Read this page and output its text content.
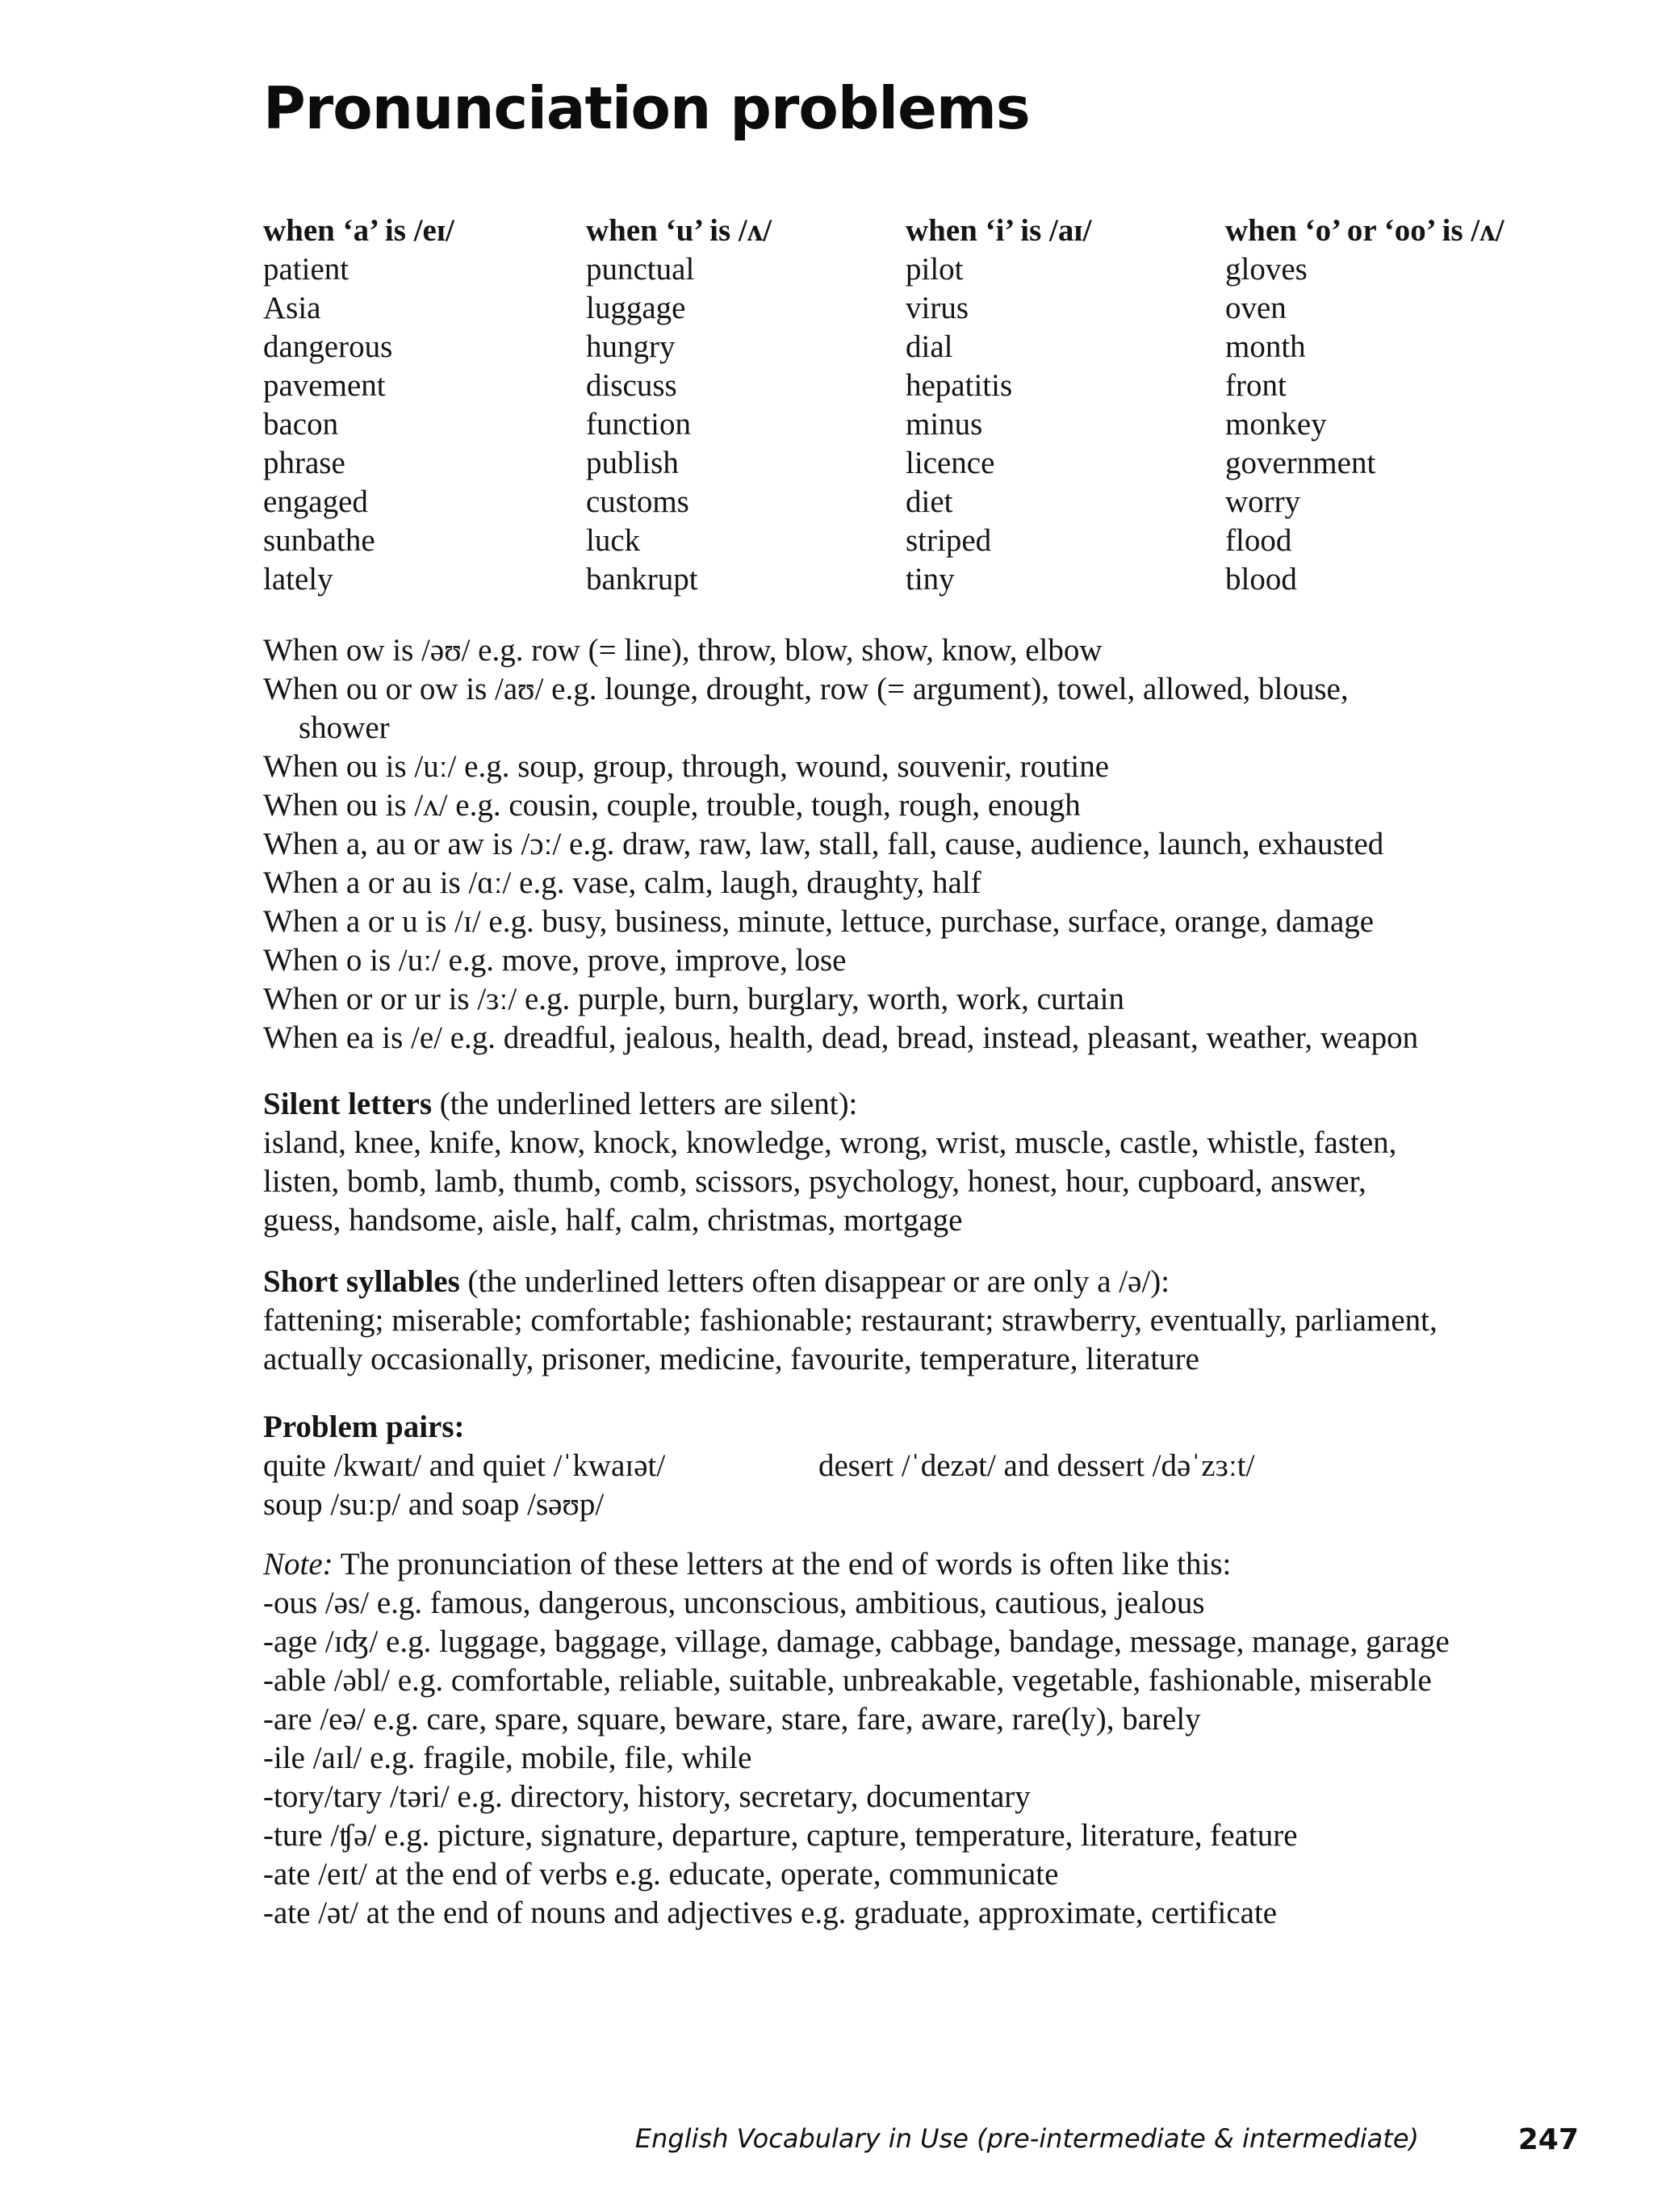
Pronunciation problems
when ‘a’ is /eɪ/
patient
Asia
dangerous
pavement
bacon
phrase
engaged
sunbathe
lately
when ‘u’ is /ʌ/
punctual
luggage
hungry
discuss
function
publish
customs
luck
bankrupt
when ‘i’ is /aɪ/
pilot
virus
dial
hepatitis
minus
licence
diet
striped
tiny
when ‘o’ or ‘oo’ is /ʌ/
gloves
oven
month
front
monkey
government
worry
flood
blood
When ow is /əʊ/ e.g. row (= line), throw, blow, show, know, elbow
When ou or ow is /aʊ/ e.g. lounge, drought, row (= argument), towel, allowed, blouse,
shower
When ou is /uː/ e.g. soup, group, through, wound, souvenir, routine
When ou is /ʌ/ e.g. cousin, couple, trouble, tough, rough, enough
When a, au or aw is /ɔː/ e.g. draw, raw, law, stall, fall, cause, audience, launch, exhausted
When a or au is /ɑː/ e.g. vase, calm, laugh, draughty, half
When a or u is /ɪ/ e.g. busy, business, minute, lettuce, purchase, surface, orange, damage
When o is /uː/ e.g. move, prove, improve, lose
When or or ur is /ɜː/ e.g. purple, burn, burglary, worth, work, curtain
When ea is /e/ e.g. dreadful, jealous, health, dead, bread, instead, pleasant, weather, weapon
Silent letters (the underlined letters are silent):
island, knee, knife, know, knock, knowledge, wrong, wrist, muscle, castle, whistle, fasten,
listen, bomb, lamb, thumb, comb, scissors, psychology, honest, hour, cupboard, answer,
guess, handsome, aisle, half, calm, christmas, mortgage
Short syllables (the underlined letters often disappear or are only a /ə/):
fattening; miserable; comfortable; fashionable; restaurant; strawberry, eventually, parliament,
actually occasionally, prisoner, medicine, favourite, temperature, literature
Problem pairs:
quite /kwaɪt/ and quiet /ˈkwaɪət/	desert /ˈdezət/ and dessert /dəˈzɜːt/
soup /suːp/ and soap /səʊp/
Note: The pronunciation of these letters at the end of words is often like this:
-ous /əs/ e.g. famous, dangerous, unconscious, ambitious, cautious, jealous
-age /ɪʤ/ e.g. luggage, baggage, village, damage, cabbage, bandage, message, manage, garage
-able /əbl/ e.g. comfortable, reliable, suitable, unbreakable, vegetable, fashionable, miserable
-are /eə/ e.g. care, spare, square, beware, stare, fare, aware, rare(ly), barely
-ile /aɪl/ e.g. fragile, mobile, file, while
-tory/tary /təri/ e.g. directory, history, secretary, documentary
-ture /ʧə/ e.g. picture, signature, departure, capture, temperature, literature, feature
-ate /eɪt/ at the end of verbs e.g. educate, operate, communicate
-ate /ət/ at the end of nouns and adjectives e.g. graduate, approximate, certificate
English Vocabulary in Use (pre-intermediate & intermediate)	247
